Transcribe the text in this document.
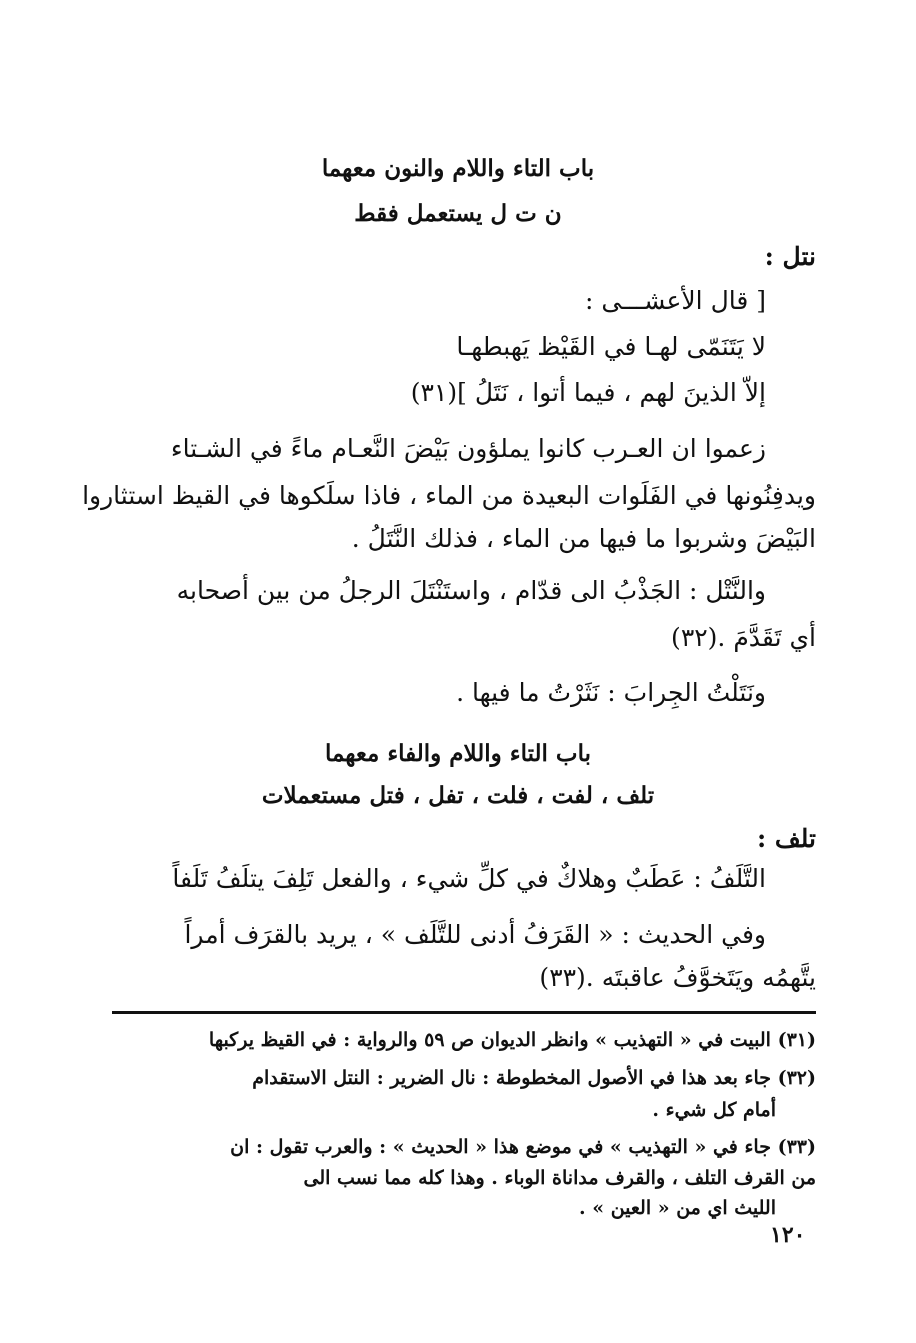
باب التاء واللام والنون معهما
ن ت ل يستعمل فقط
نتل :
[ قال الأعشـــى :
لا يَتَنَمّى لهـا في القَيْظ يَهبطهـا
إلاّ الذينَ لهم ، فيما أتوا ، نَتَلُ ](٣١)
زعموا ان العـرب كانوا يملؤون بَيْضَ النَّعـام ماءً في الشـتاء
ويدفِنُونها في الفَلَوات البعيدة من الماء ، فاذا سلَكوها في القيظ استثاروا
البَيْضَ وشربوا ما فيها من الماء ، فذلك النَّتَلُ .
والنَّتْل : الجَذْبُ الى قدّام ، واستَنْتَلَ الرجلُ من بين أصحابه
أي تَقَدَّمَ .(٣٢)
ونَتَلْتُ الجِرابَ : نَثَرْتُ ما فيها .
باب التاء واللام والفاء معهما
تلف ، لفت ، فلت ، تفل ، فتل مستعملات
تلف :
التَّلَفُ : عَطَبٌ وهلاكٌ في كلِّ شيء ، والفعل تَلِفَ يتلَفُ تَلَفاً
وفي الحديث : « القَرَفُ أدنى للتَّلَف » ، يريد بالقرَف أمراً
يتَّهمُه ويَتَخوَّفُ عاقبتَه .(٣٣)
(٣١) البيت في « التهذيب » وانظر الديوان ص ٥٩ والرواية : في القيظ يركبها
(٣٢) جاء بعد هذا في الأصول المخطوطة : نال الضرير : النتل الاستقدام
أمام كل شيء .
(٣٣) جاء في « التهذيب » في موضع هذا « الحديث » : والعرب تقول : ان
من القرف التلف ، والقرف مداناة الوباء . وهذا كله مما نسب الى
الليث اي من « العين » .
١٢٠
